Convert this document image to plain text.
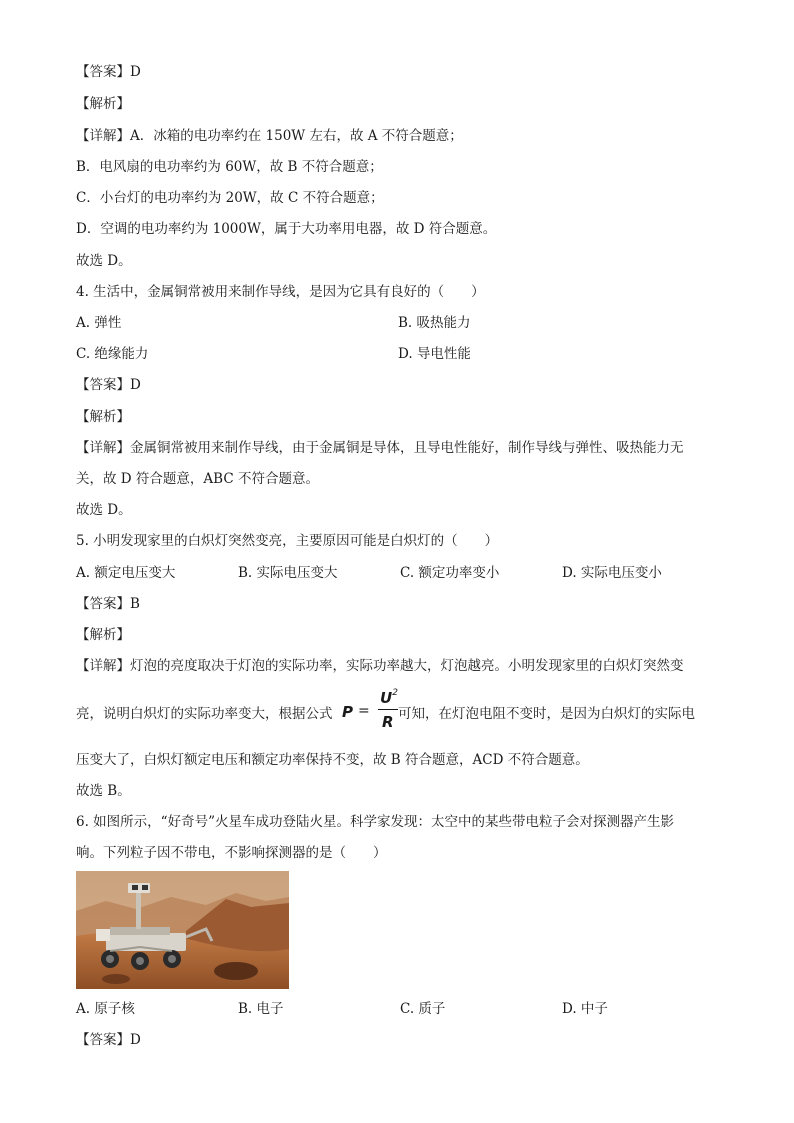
【答案】D
【解析】
【详解】A．冰箱的电功率约在 150W 左右，故 A 不符合题意；
B．电风扇的电功率约为 60W，故 B 不符合题意；
C．小台灯的电功率约为 20W，故 C 不符合题意；
D．空调的电功率约为 1000W，属于大功率用电器，故 D 符合题意。
故选 D。
4. 生活中，金属铜常被用来制作导线，是因为它具有良好的（　　）
A. 弹性	B. 吸热能力
C. 绝缘能力	D. 导电性能
【答案】D
【解析】
【详解】金属铜常被用来制作导线，由于金属铜是导体，且导电性能好，制作导线与弹性、吸热能力无
关，故 D 符合题意，ABC 不符合题意。
故选 D。
5. 小明发现家里的白炽灯突然变亮，主要原因可能是白炽灯的（　　）
A. 额定电压变大	B. 实际电压变大	C. 额定功率变小	D. 实际电压变小
【答案】B
【解析】
【详解】灯泡的亮度取决于灯泡的实际功率，实际功率越大，灯泡越亮。小明发现家里的白炽灯突然变
亮，说明白炽灯的实际功率变大，根据公式 P =
$U^2$
R 可知，在灯泡电阻不变时，是因为白炽灯的实际电
压变大了，白炽灯额定电压和额定功率保持不变，故 B 符合题意，ACD 不符合题意。
故选 B。
6. 如图所示，“好奇号”火星车成功登陆火星。科学家发现：太空中的某些带电粒子会对探测器产生影
响。下列粒子因不带电，不影响探测器的是（　　）
A. 原子核	B. 电子	C. 质子	D. 中子
【答案】D
